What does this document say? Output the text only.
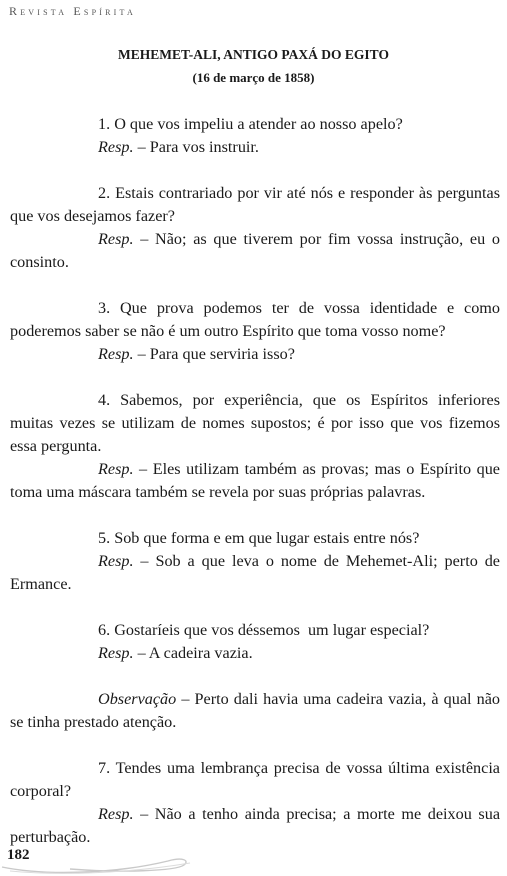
Revista Espírita
MEHEMET-ALI, ANTIGO PAXÁ DO EGITO
(16 de março de 1858)

1. O que vos impeliu a atender ao nosso apelo?

Resp. – Para vos instruir.

2. Estais contrariado por vir até nós e responder às perguntas que vos desejamos fazer?

Resp. – Não; as que tiverem por fim vossa instrução, eu o consinto.

3. Que prova podemos ter de vossa identidade e como poderemos saber se não é um outro Espírito que toma vosso nome?

Resp. – Para que serviria isso?

4. Sabemos, por experiência, que os Espíritos inferiores muitas vezes se utilizam de nomes supostos; é por isso que vos fizemos essa pergunta.

Resp. – Eles utilizam também as provas; mas o Espírito que toma uma máscara também se revela por suas próprias palavras.

5. Sob que forma e em que lugar estais entre nós?

Resp. – Sob a que leva o nome de Mehemet-Ali; perto de Ermance.

6. Gostaríeis que vos déssemos  um lugar especial?

Resp. – A cadeira vazia.

Observação – Perto dali havia uma cadeira vazia, à qual não se tinha prestado atenção.

7. Tendes uma lembrança precisa de vossa última existência corporal?

Resp. – Não a tenho ainda precisa; a morte me deixou sua perturbação.

182
